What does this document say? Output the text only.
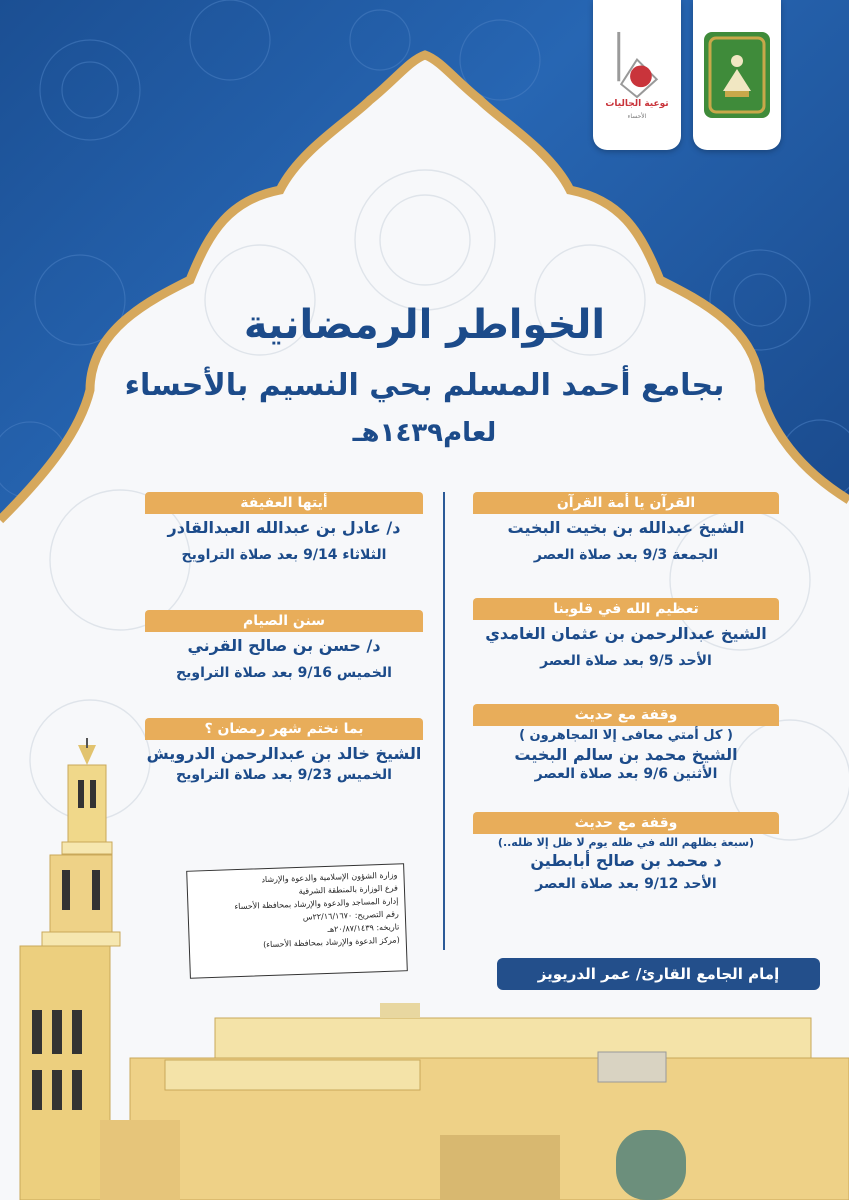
توعية الجاليات
الأحساء
الخواطر الرمضانية
بجامع أحمد المسلم بحي النسيم بالأحساء
لعام١٤٣٩هـ
القرآن يا أمة القرآن
الشيخ عبدالله بن بخيت البخيت
الجمعة 9/3 بعد صلاة العصر
تعظيم الله في قلوبنا
الشيخ عبدالرحمن بن عثمان الغامدي
الأحد 9/5 بعد صلاة العصر
وقفة مع حديث
( كل أمتي معافى إلا المجاهرون )
الشيخ محمد بن سالم البخيت
الأثنين 9/6 بعد صلاة العصر
وقفة مع حديث
(سبعة يظلهم الله في ظله يوم لا ظل إلا ظله..)
د محمد بن صالح أبابطين
الأحد 9/12 بعد صلاة العصر
أيتها العفيفة
د/ عادل بن عبدالله العبدالقادر
الثلاثاء 9/14 بعد صلاة التراويح
سنن الصيام
د/ حسن بن صالح القرني
الخميس 9/16 بعد صلاة التراويح
بما نختم شهر رمضان ؟
الشيخ خالد بن عبدالرحمن الدرويش
الخميس 9/23 بعد صلاة التراويح
وزارة الشؤون الإسلامية والدعوة والإرشاد
فرع الوزارة بالمنطقة الشرقية
إدارة المساجد والدعوة والإرشاد بمحافظة الأحساء
رقم التصريح: ٢٢/١٦/١٦٧٠س
تاريخه: ٢٠/٨٧/١٤٣٩هـ
(مركز الدعوة والإرشاد بمحافظة الأحساء)
إمام الجامع القارئ/ عمر الدريويز
